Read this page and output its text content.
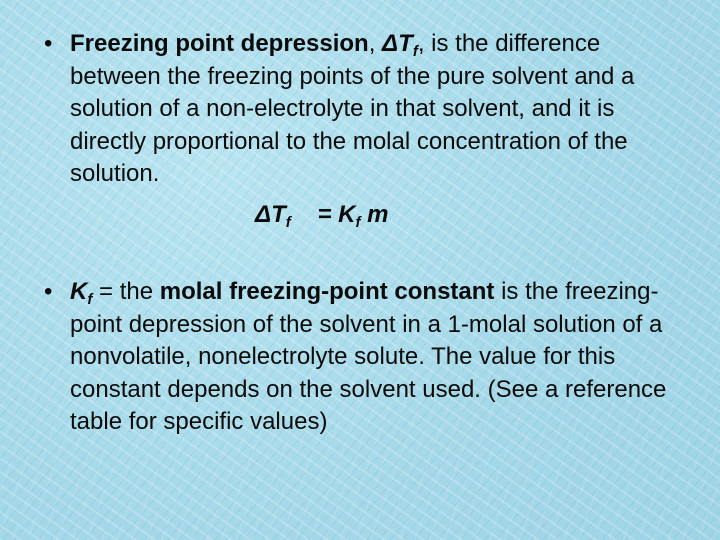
• Freezing point depression, $\Delta T_f$, is the difference between the freezing points of the pure solvent and a solution of a non-electrolyte in that solvent, and it is directly proportional to the molal concentration of the solution.
$\Delta T_f$    = $K_f$ m
• $K_f$ = the molal freezing-point constant is the freezing-point depression of the solvent in a 1-molal solution of a nonvolatile, nonelectrolyte solute. The value for this constant depends on the solvent used. (See a reference table for specific values)
